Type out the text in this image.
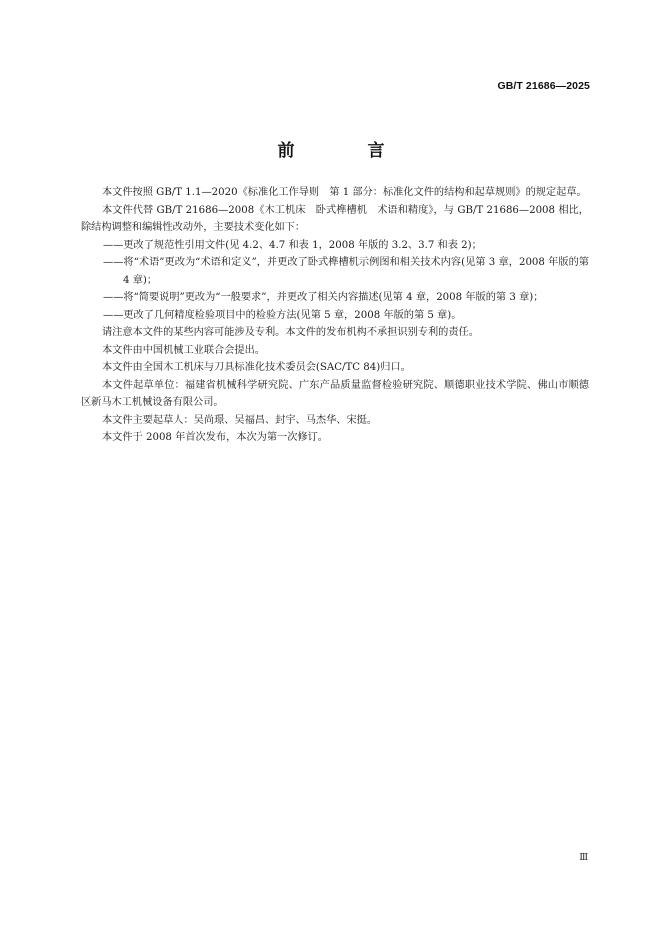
GB/T 21686—2025
前　言

本文件按照 GB/T 1.1—2020《标准化工作导则　第 1 部分：标准化文件的结构和起草规则》的规定起草。

本文件代替 GB/T 21686—2008《木工机床　卧式榫槽机　术语和精度》，与 GB/T 21686—2008 相比，除结构调整和编辑性改动外，主要技术变化如下：

——更改了规范性引用文件(见 4.2、4.7 和表 1，2008 年版的 3.2、3.7 和表 2)；

——将“术语”更改为“术语和定义”，并更改了卧式榫槽机示例图和相关技术内容(见第 3 章，2008 年版的第 4 章)；

——将“简要说明”更改为“一般要求”，并更改了相关内容描述(见第 4 章，2008 年版的第 3 章)；

——更改了几何精度检验项目中的检验方法(见第 5 章，2008 年版的第 5 章)。

请注意本文件的某些内容可能涉及专利。本文件的发布机构不承担识别专利的责任。

本文件由中国机械工业联合会提出。

本文件由全国木工机床与刀具标准化技术委员会(SAC/TC 84)归口。

本文件起草单位：福建省机械科学研究院、广东产品质量监督检验研究院、顺德职业技术学院、佛山市顺德区新马木工机械设备有限公司。

本文件主要起草人：吴尚璟、吴福昌、封宇、马杰华、宋挺。

本文件于 2008 年首次发布，本次为第一次修订。

Ⅲ
